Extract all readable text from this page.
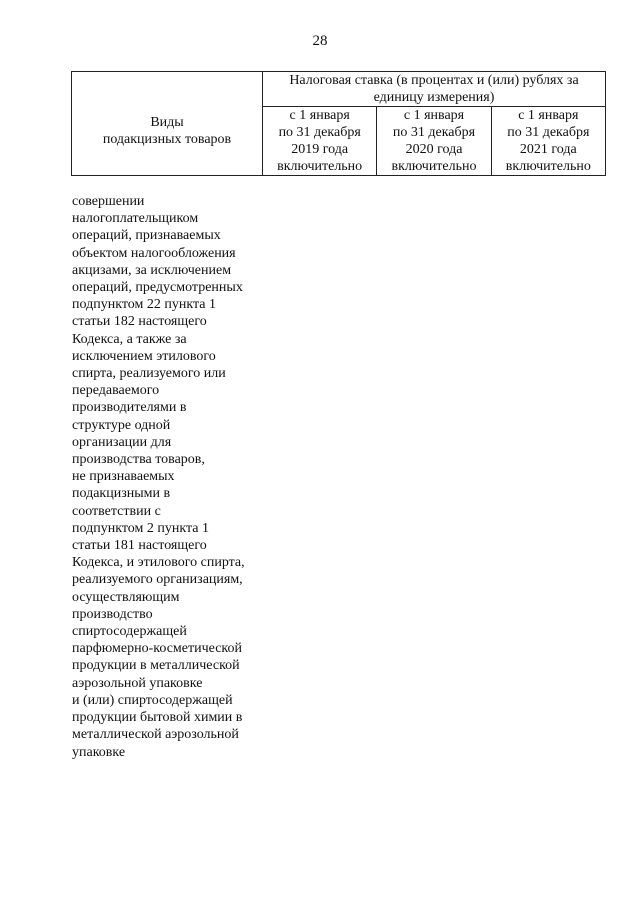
28
Виды
подакцизных товаров	Налоговая ставка (в процентах и (или) рублях за
единицу измерения)		

	с 1 января
по 31 декабря
2019 года
включительно	с 1 января
по 31 декабря
2020 года
включительно	с 1 января
по 31 декабря
2021 года
включительно
совершении
налогоплательщиком
операций, признаваемых
объектом налогообложения
акцизами, за исключением
операций, предусмотренных
подпунктом 22 пункта 1
статьи 182 настоящего
Кодекса, а также за
исключением этилового
спирта, реализуемого или
передаваемого
производителями в
структуре одной
организации для
производства товаров,
не признаваемых
подакцизными в
соответствии с
подпунктом 2 пункта 1
статьи 181 настоящего
Кодекса, и этилового спирта,
реализуемого организациям,
осуществляющим
производство
спиртосодержащей
парфюмерно-косметической
продукции в металлической
аэрозольной упаковке
и (или) спиртосодержащей
продукции бытовой химии в
металлической аэрозольной
упаковке
